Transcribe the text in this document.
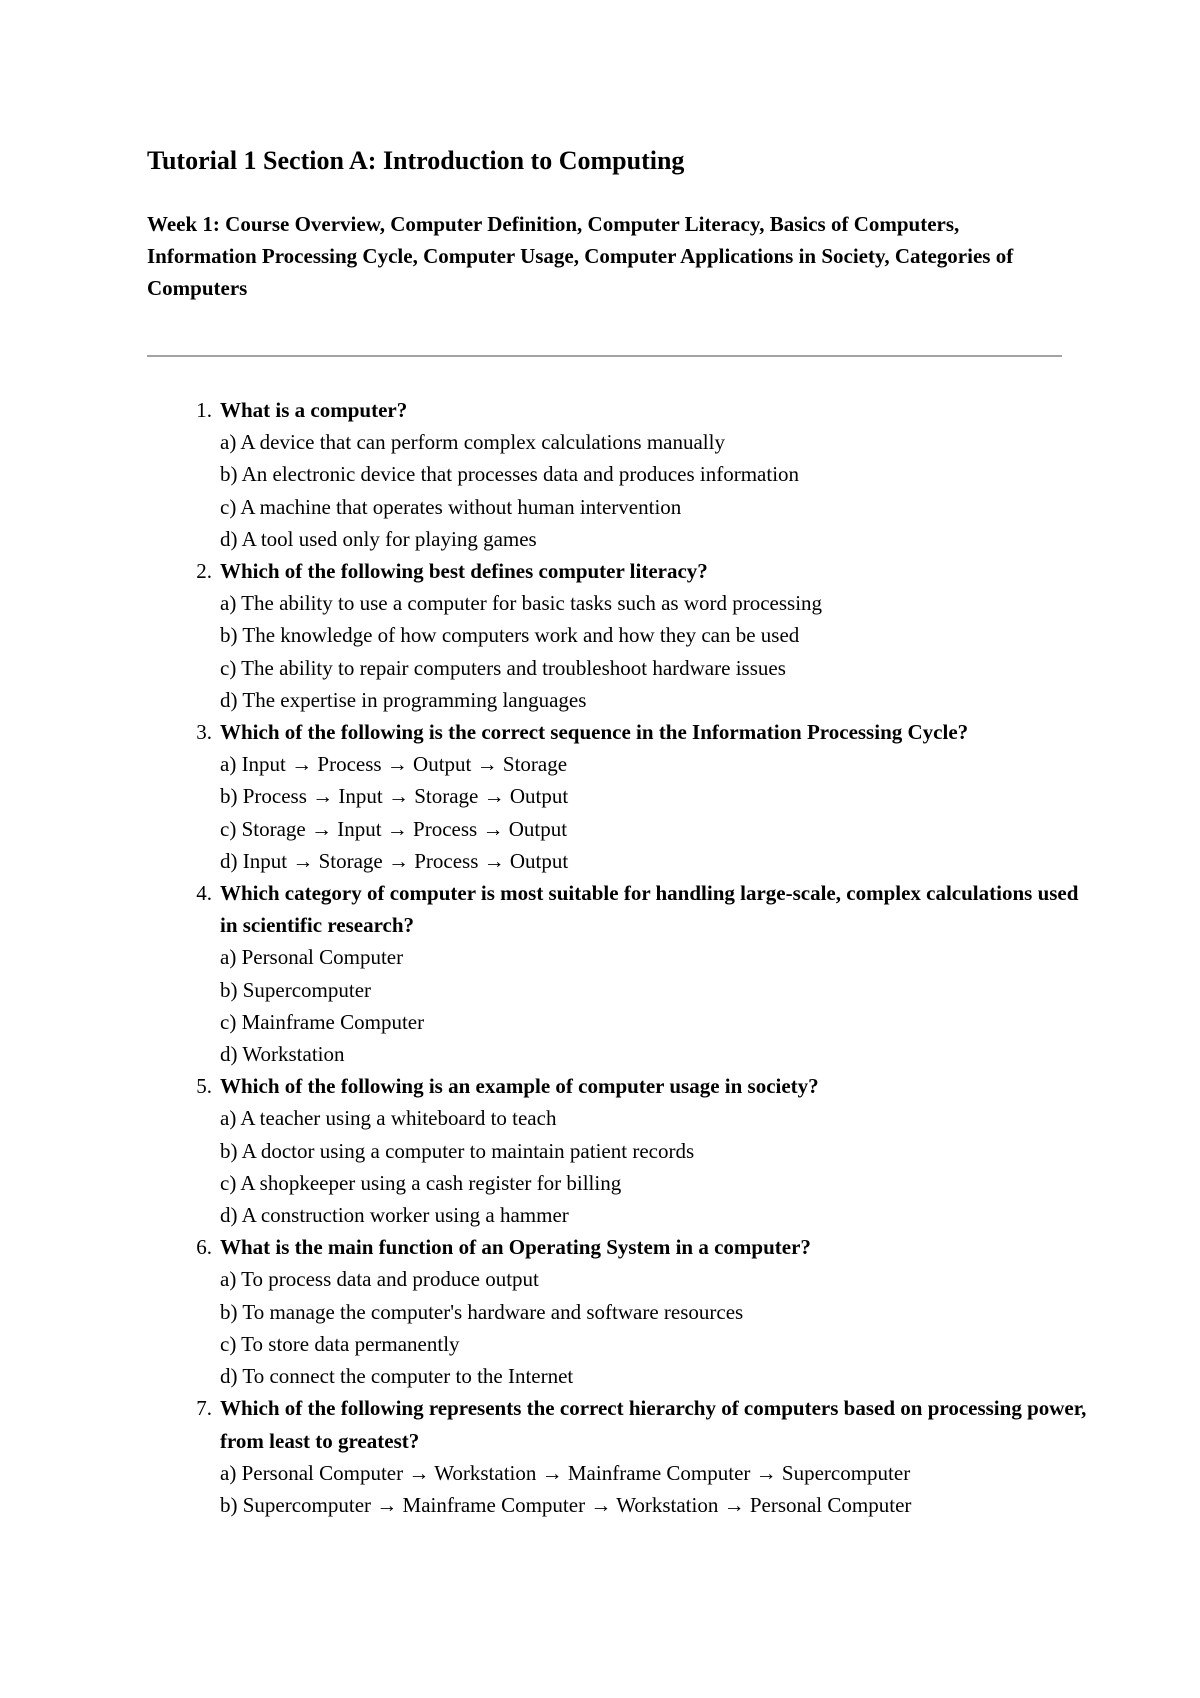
Tutorial 1 Section A: Introduction to Computing

Week 1: Course Overview, Computer Definition, Computer Literacy, Basics of Computers, Information Processing Cycle, Computer Usage, Computer Applications in Society, Categories of Computers

1. What is a computer?
a) A device that can perform complex calculations manually
b) An electronic device that processes data and produces information
c) A machine that operates without human intervention
d) A tool used only for playing games
2. Which of the following best defines computer literacy?
a) The ability to use a computer for basic tasks such as word processing
b) The knowledge of how computers work and how they can be used
c) The ability to repair computers and troubleshoot hardware issues
d) The expertise in programming languages
3. Which of the following is the correct sequence in the Information Processing Cycle?
a) Input → Process → Output → Storage
b) Process → Input → Storage → Output
c) Storage → Input → Process → Output
d) Input → Storage → Process → Output
4. Which category of computer is most suitable for handling large-scale, complex calculations used in scientific research?
a) Personal Computer
b) Supercomputer
c) Mainframe Computer
d) Workstation
5. Which of the following is an example of computer usage in society?
a) A teacher using a whiteboard to teach
b) A doctor using a computer to maintain patient records
c) A shopkeeper using a cash register for billing
d) A construction worker using a hammer
6. What is the main function of an Operating System in a computer?
a) To process data and produce output
b) To manage the computer's hardware and software resources
c) To store data permanently
d) To connect the computer to the Internet
7. Which of the following represents the correct hierarchy of computers based on processing power, from least to greatest?
a) Personal Computer → Workstation → Mainframe Computer → Supercomputer
b) Supercomputer → Mainframe Computer → Workstation → Personal Computer
